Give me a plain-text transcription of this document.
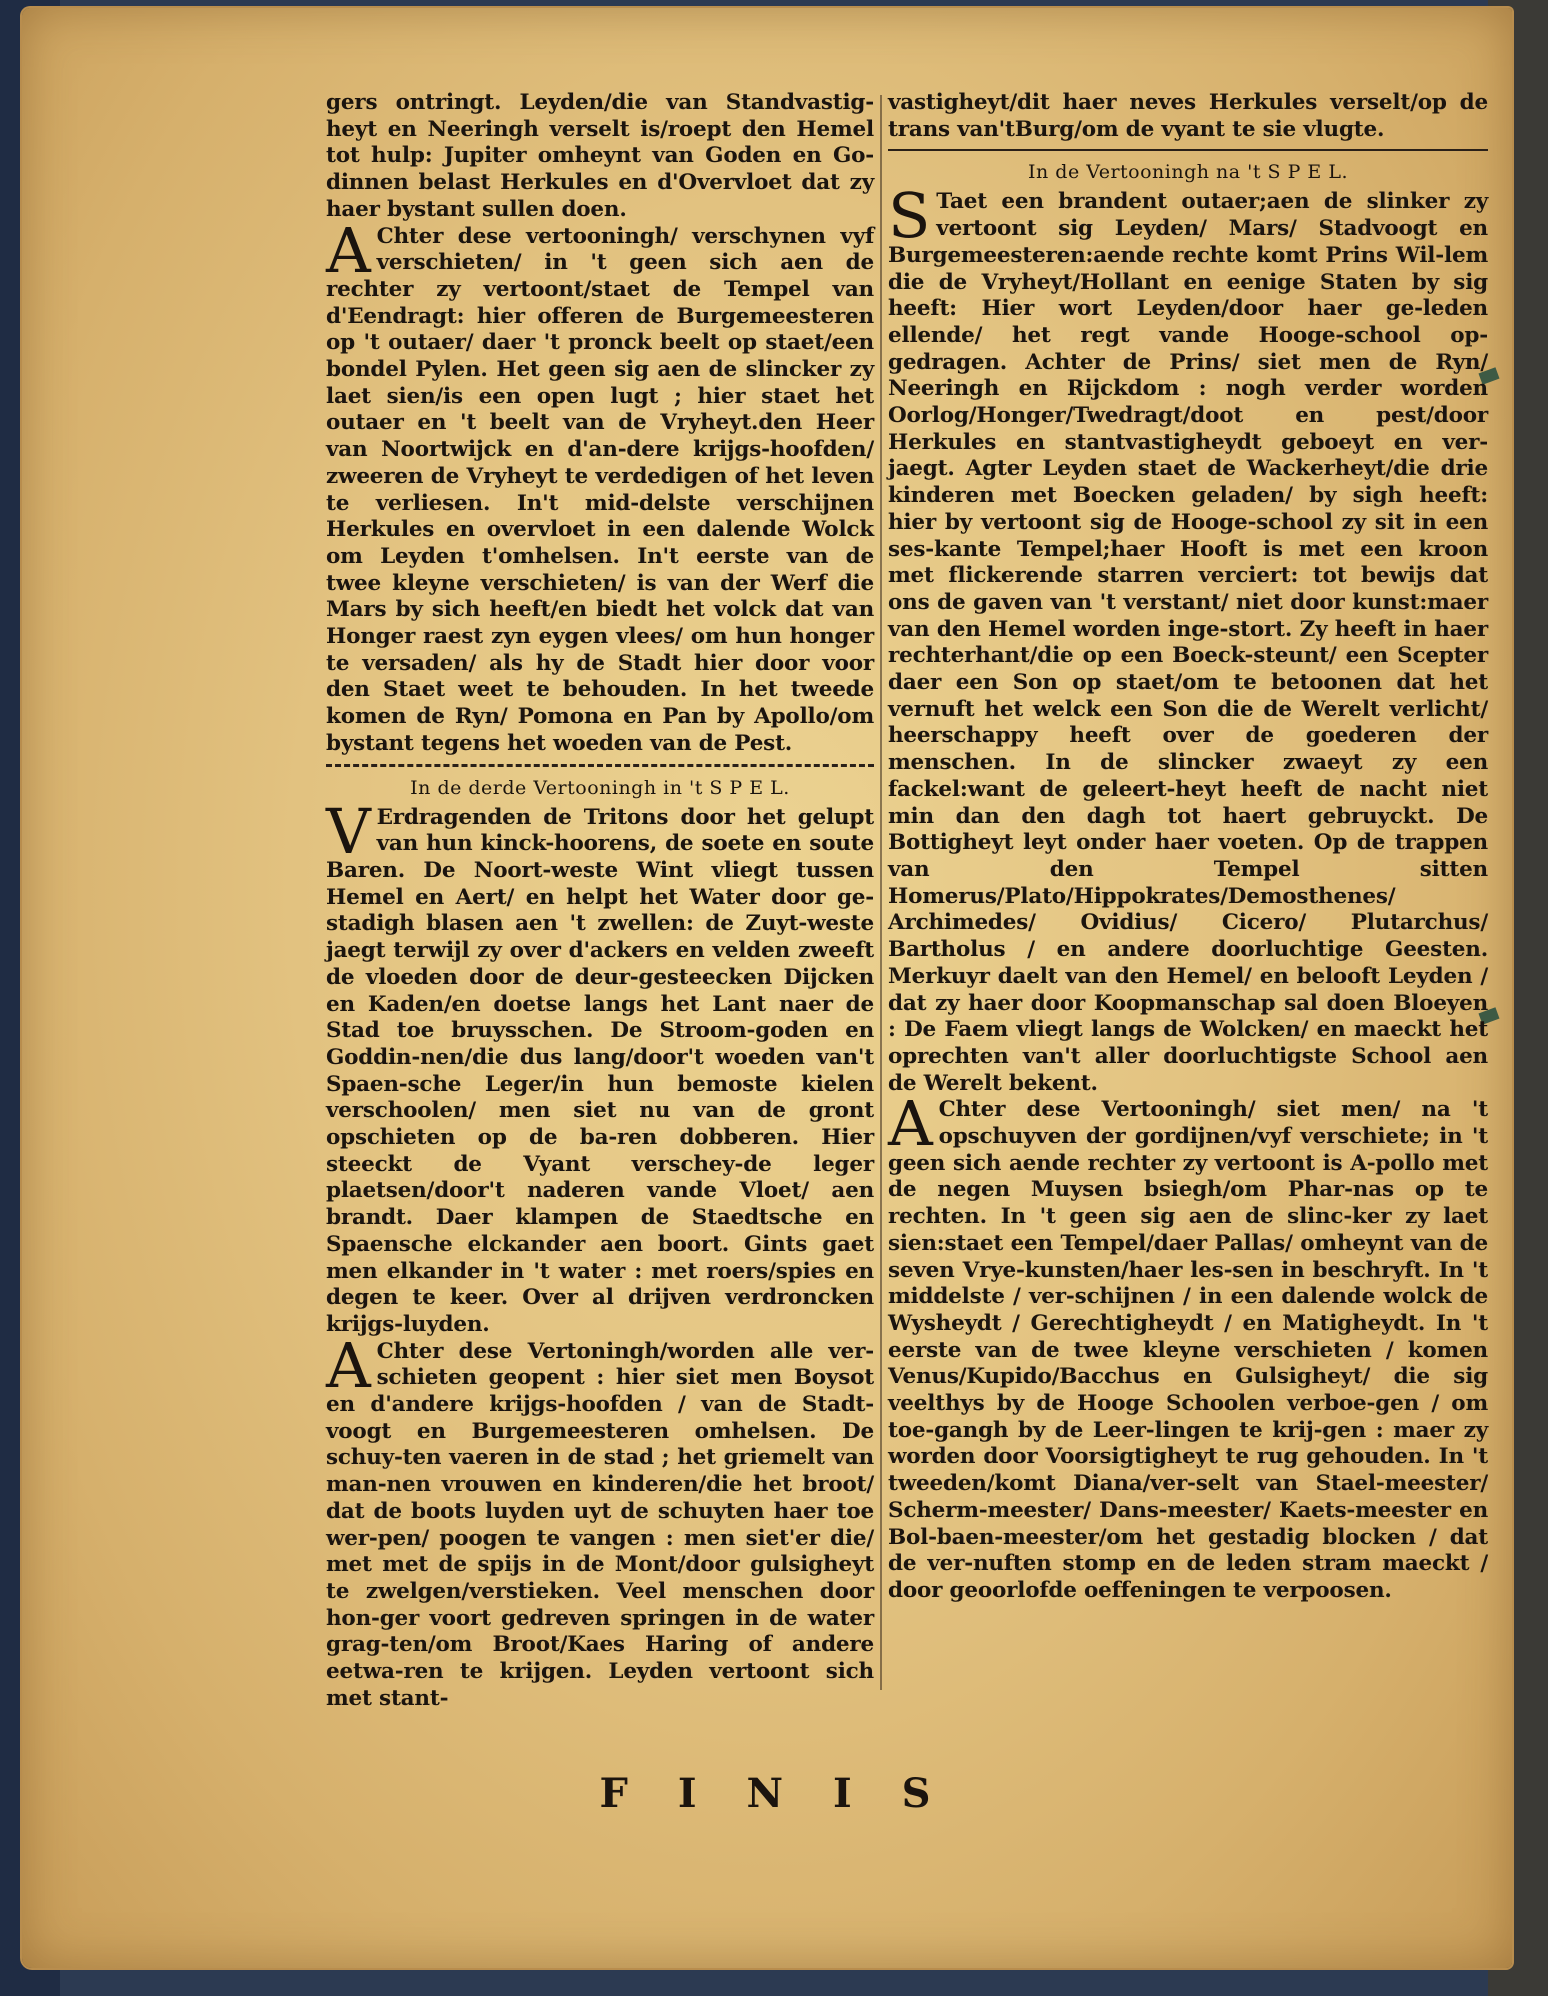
gers ontringt. Leyden/die van Standvastig-heyt en Neeringh verselt is/roept den Hemel tot hulp: Jupiter omheynt van Goden en Go-dinnen belast Herkules en d'Overvloet dat zy haer bystant sullen doen.

A Chter dese vertooningh/ verschynen vyf verschieten/ in 't geen sich aen de rechter zy vertoont/staet de Tempel van d'Eendragt: hier offeren de Burgemeesteren op 't outaer/ daer 't pronck beelt op staet/een bondel Pylen. Het geen sig aen de slincker zy laet sien/is een open lugt ; hier staet het outaer en 't beelt van de Vryheyt.den Heer van Noortwijck en d'an-dere krijgs-hoofden/ zweeren de Vryheyt te verdedigen of het leven te verliesen. In't mid-delste verschijnen Herkules en overvloet in een dalende Wolck om Leyden t'omhelsen. In't eerste van de twee kleyne verschieten/ is van der Werf die Mars by sich heeft/en biedt het volck dat van Honger raest zyn eygen vlees/ om hun honger te versaden/ als hy de Stadt hier door voor den Staet weet te behouden. In het tweede komen de Ryn/ Pomona en Pan by Apollo/om bystant tegens het woeden van de Pest.

In de derde Vertooningh in 't S P E L.

V Erdragenden de Tritons door het gelupt van hun kinck-hoorens, de soete en soute Baren. De Noort-weste Wint vliegt tussen Hemel en Aert/ en helpt het Water door ge-stadigh blasen aen 't zwellen: de Zuyt-weste jaegt terwijl zy over d'ackers en velden zweeft de vloeden door de deur-gesteecken Dijcken en Kaden/en doetse langs het Lant naer de Stad toe bruysschen. De Stroom-goden en Goddin-nen/die dus lang/door't woeden van't Spaen-sche Leger/in hun bemoste kielen verschoolen/ men siet nu van de gront opschieten op de ba-ren dobberen. Hier steeckt de Vyant verschey-de leger plaetsen/door't naderen vande Vloet/ aen brandt. Daer klampen de Staedtsche en Spaensche elckander aen boort. Gints gaet men elkander in 't water : met roers/spies en degen te keer. Over al drijven verdroncken krijgs-luyden.

A Chter dese Vertoningh/worden alle ver-schieten geopent : hier siet men Boysot en d'andere krijgs-hoofden / van de Stadt-voogt en Burgemeesteren omhelsen. De schuy-ten vaeren in de stad ; het griemelt van man-nen vrouwen en kinderen/die het broot/ dat de boots luyden uyt de schuyten haer toe wer-pen/ poogen te vangen : men siet'er die/ met met de spijs in de Mont/door gulsigheyt te zwelgen/verstieken. Veel menschen door hon-ger voort gedreven springen in de water grag-ten/om Broot/Kaes Haring of andere eetwa-ren te krijgen. Leyden vertoont sich met stant-

vastigheyt/dit haer neves Herkules verselt/op de trans van'tBurg/om de vyant te sie vlugte.

In de Vertooningh na 't S P E L.

S Taet een brandent outaer;aen de slinker zy vertoont sig Leyden/ Mars/ Stadvoogt en Burgemeesteren:aende rechte komt Prins Wil-lem die de Vryheyt/Hollant en eenige Staten by sig heeft: Hier wort Leyden/door haer ge-leden ellende/ het regt vande Hooge-school op-gedragen. Achter de Prins/ siet men de Ryn/ Neeringh en Rijckdom : nogh verder worden Oorlog/Honger/Twedragt/doot en pest/door Herkules en stantvastigheydt geboeyt en ver-jaegt. Agter Leyden staet de Wackerheyt/die drie kinderen met Boecken geladen/ by sigh heeft: hier by vertoont sig de Hooge-school zy sit in een ses-kante Tempel;haer Hooft is met een kroon met flickerende starren verciert: tot bewijs dat ons de gaven van 't verstant/ niet door kunst:maer van den Hemel worden inge-stort. Zy heeft in haer rechterhant/die op een Boeck-steunt/ een Scepter daer een Son op staet/om te betoonen dat het vernuft het welck een Son die de Werelt verlicht/ heerschappy heeft over de goederen der menschen. In de slincker zwaeyt zy een fackel:want de geleert-heyt heeft de nacht niet min dan den dagh tot haert gebruyckt. De Bottigheyt leyt onder haer voeten. Op de trappen van den Tempel sitten Homerus/Plato/Hippokrates/Demosthenes/ Archimedes/ Ovidius/ Cicero/ Plutarchus/ Bartholus / en andere doorluchtige Geesten. Merkuyr daelt van den Hemel/ en belooft Leyden / dat zy haer door Koopmanschap sal doen Bloeyen : De Faem vliegt langs de Wolcken/ en maeckt het oprechten van't aller doorluchtigste School aen de Werelt bekent.

A Chter dese Vertooningh/ siet men/ na 't opschuyven der gordijnen/vyf verschiete; in 't geen sich aende rechter zy vertoont is A-pollo met de negen Muysen bsiegh/om Phar-nas op te rechten. In 't geen sig aen de slinc-ker zy laet sien:staet een Tempel/daer Pallas/ omheynt van de seven Vrye-kunsten/haer les-sen in beschryft. In 't middelste / ver-schijnen / in een dalende wolck de Wysheydt / Gerechtigheydt / en Matigheydt. In 't eerste van de twee kleyne verschieten / komen Venus/Kupido/Bacchus en Gulsigheyt/ die sig veelthys by de Hooge Schoolen verboe-gen / om toe-gangh by de Leer-lingen te krij-gen : maer zy worden door Voorsigtigheyt te rug gehouden. In 't tweeden/komt Diana/ver-selt van Stael-meester/ Scherm-meester/ Dans-meester/ Kaets-meester en Bol-baen-meester/om het gestadig blocken / dat de ver-nuften stomp en de leden stram maeckt / door geoorlofde oeffeningen te verpoosen.

F I N I S
